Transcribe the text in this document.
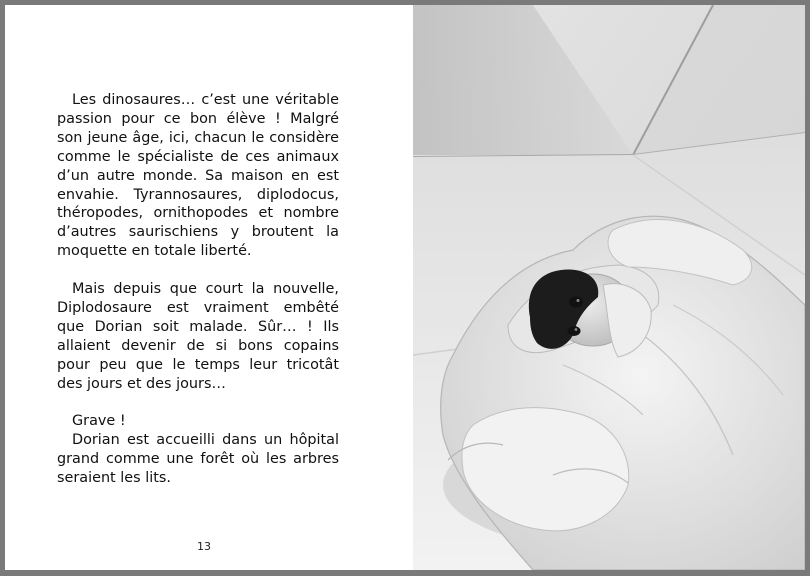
Les dinosaures… c’est une véritable passion pour ce bon élève ! Malgré son jeune âge, ici, chacun le considère comme le spécialiste de ces animaux d’un autre monde. Sa maison en est envahie. Tyrannosaures, diplodocus, théropodes, ornithopodes et nombre d’autres saurischiens y broutent la moquette en totale liberté.

Mais depuis que court la nouvelle, Diplodosaure est vraiment embêté que Dorian soit malade. Sûr… ! Ils allaient devenir de si bons copains pour peu que le temps leur tricotât des jours et des jours…

Grave !

Dorian est accueilli dans un hôpital grand comme une forêt où les arbres seraient les lits.

13
